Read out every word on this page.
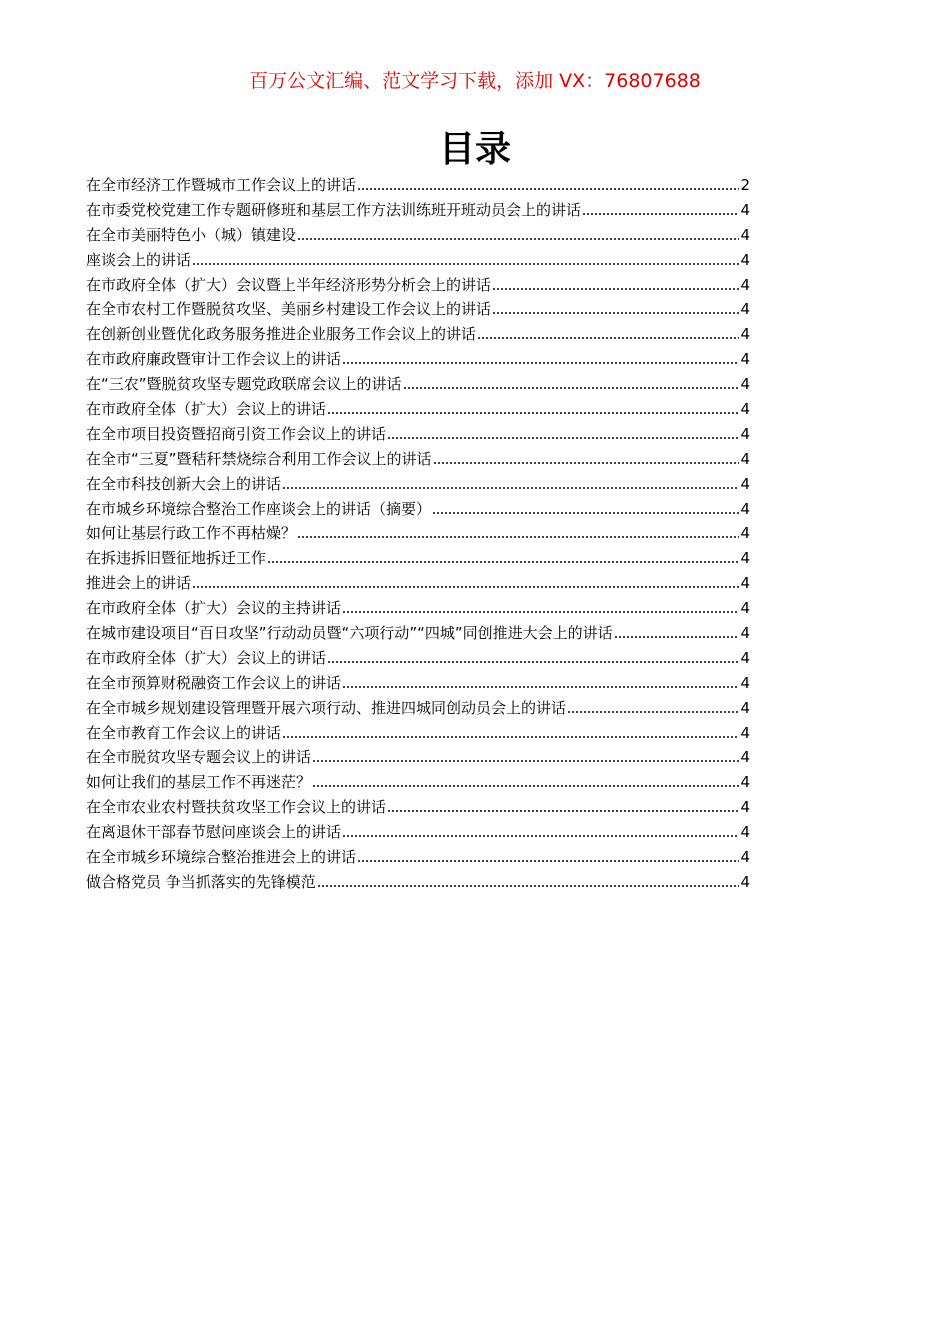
百万公文汇编、范文学习下载，添加 VX：76807688
目录
在全市经济工作暨城市工作会议上的讲话	2
在市委党校党建工作专题研修班和基层工作方法训练班开班动员会上的讲话	4
在全市美丽特色小（城）镇建设	4
座谈会上的讲话	4
在市政府全体（扩大）会议暨上半年经济形势分析会上的讲话	4
在全市农村工作暨脱贫攻坚、美丽乡村建设工作会议上的讲话	4
在创新创业暨优化政务服务推进企业服务工作会议上的讲话	4
在市政府廉政暨审计工作会议上的讲话	4
在“三农”暨脱贫攻坚专题党政联席会议上的讲话	4
在市政府全体（扩大）会议上的讲话	4
在全市项目投资暨招商引资工作会议上的讲话	4
在全市“三夏”暨秸秆禁烧综合利用工作会议上的讲话	4
在全市科技创新大会上的讲话	4
在市城乡环境综合整治工作座谈会上的讲话（摘要）	4
如何让基层行政工作不再枯燥？	4
在拆违拆旧暨征地拆迁工作	4
推进会上的讲话	4
在市政府全体（扩大）会议的主持讲话	4
在城市建设项目“百日攻坚”行动动员暨“六项行动”“四城”同创推进大会上的讲话	4
在市政府全体（扩大）会议上的讲话	4
在全市预算财税融资工作会议上的讲话	4
在全市城乡规划建设管理暨开展六项行动、推进四城同创动员会上的讲话	4
在全市教育工作会议上的讲话	4
在全市脱贫攻坚专题会议上的讲话	4
如何让我们的基层工作不再迷茫？	4
在全市农业农村暨扶贫攻坚工作会议上的讲话	4
在离退休干部春节慰问座谈会上的讲话	4
在全市城乡环境综合整治推进会上的讲话	4
做合格党员 争当抓落实的先锋模范	4
